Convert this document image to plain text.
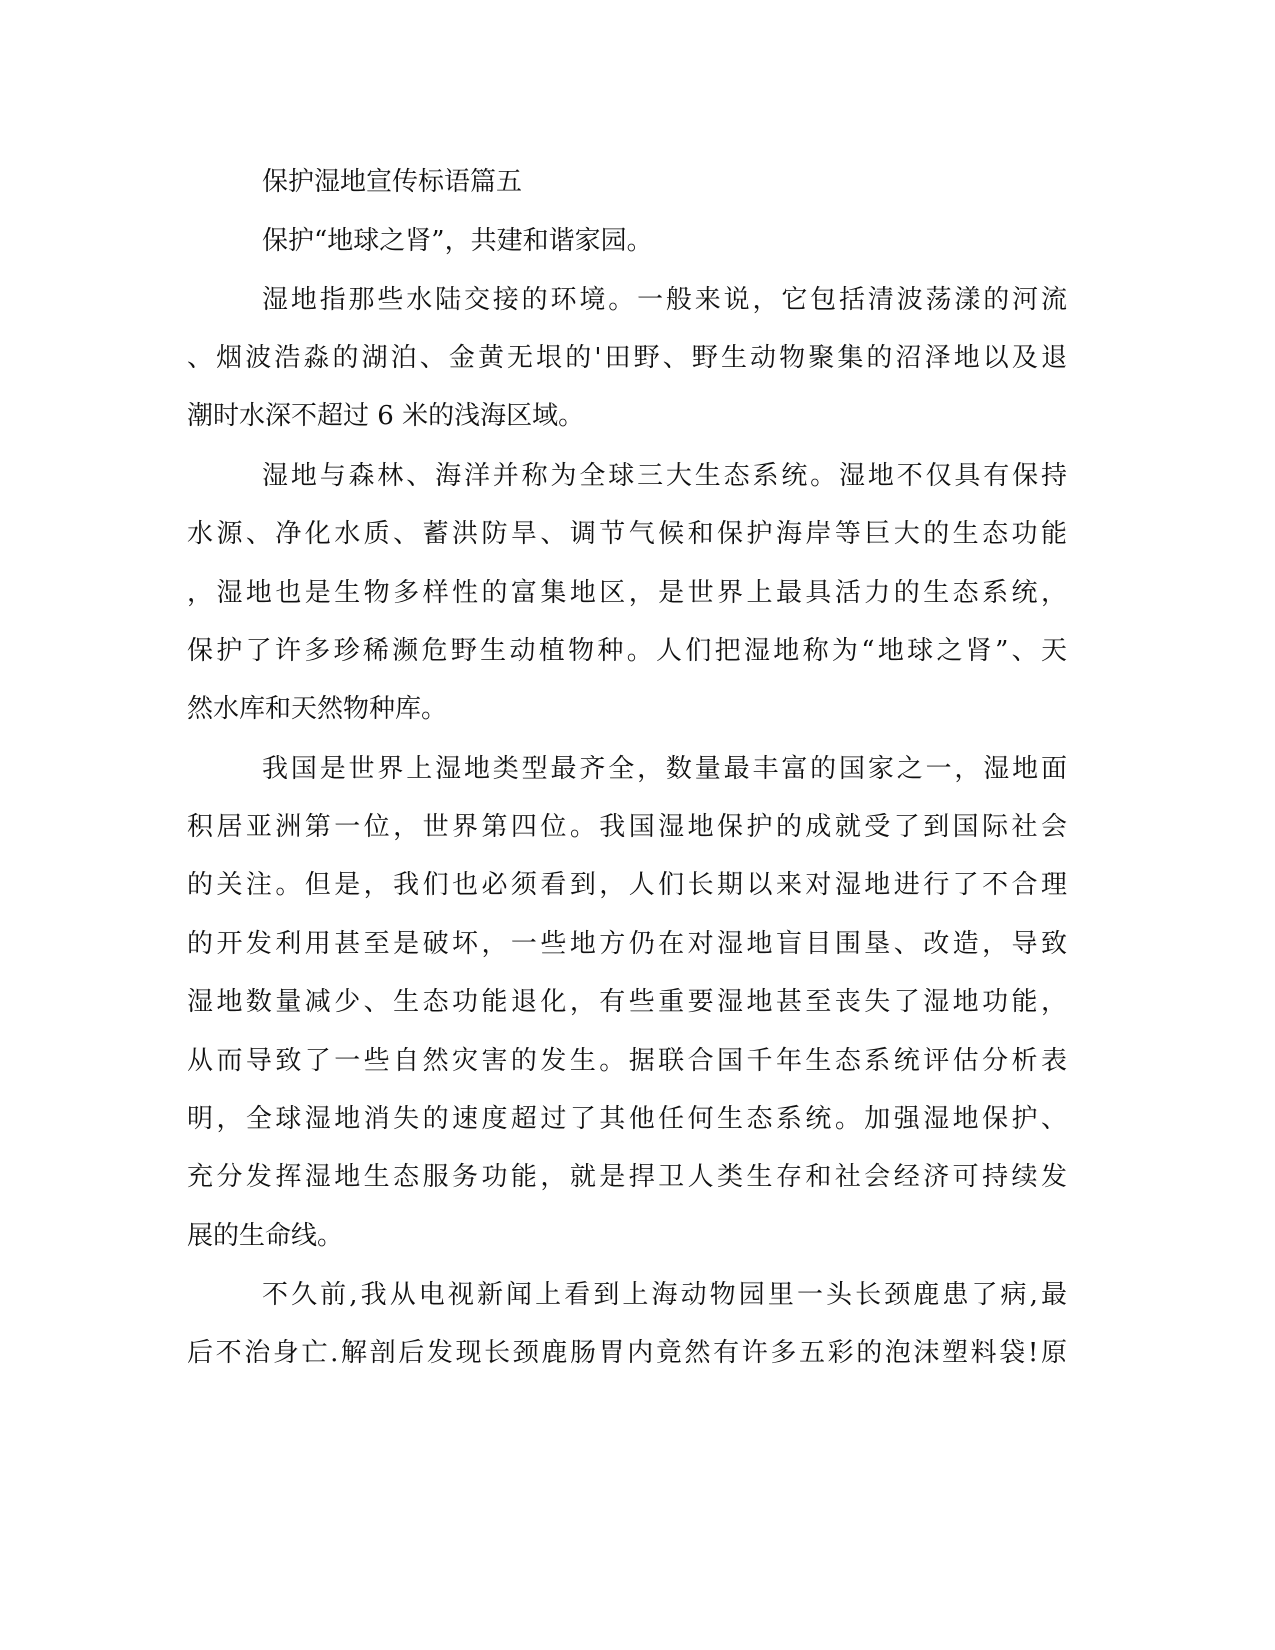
保护湿地宣传标语篇五

保护“地球之肾”，共建和谐家园。

湿地指那些水陆交接的环境。一般来说，它包括清波荡漾的河流

、烟波浩淼的湖泊、金黄无垠的'田野、野生动物聚集的沼泽地以及退

潮时水深不超过 6 米的浅海区域。

湿地与森林、海洋并称为全球三大生态系统。湿地不仅具有保持

水源、净化水质、蓄洪防旱、调节气候和保护海岸等巨大的生态功能

，湿地也是生物多样性的富集地区，是世界上最具活力的生态系统，

保护了许多珍稀濒危野生动植物种。人们把湿地称为“地球之肾”、天

然水库和天然物种库。

我国是世界上湿地类型最齐全，数量最丰富的国家之一，湿地面

积居亚洲第一位，世界第四位。我国湿地保护的成就受了到国际社会

的关注。但是，我们也必须看到，人们长期以来对湿地进行了不合理

的开发利用甚至是破坏，一些地方仍在对湿地盲目围垦、改造，导致

湿地数量减少、生态功能退化，有些重要湿地甚至丧失了湿地功能，

从而导致了一些自然灾害的发生。据联合国千年生态系统评估分析表

明，全球湿地消失的速度超过了其他任何生态系统。加强湿地保护、

充分发挥湿地生态服务功能，就是捍卫人类生存和社会经济可持续发

展的生命线。

不久前,我从电视新闻上看到上海动物园里一头长颈鹿患了病,最

后不治身亡.解剖后发现长颈鹿肠胃内竟然有许多五彩的泡沫塑料袋!原
